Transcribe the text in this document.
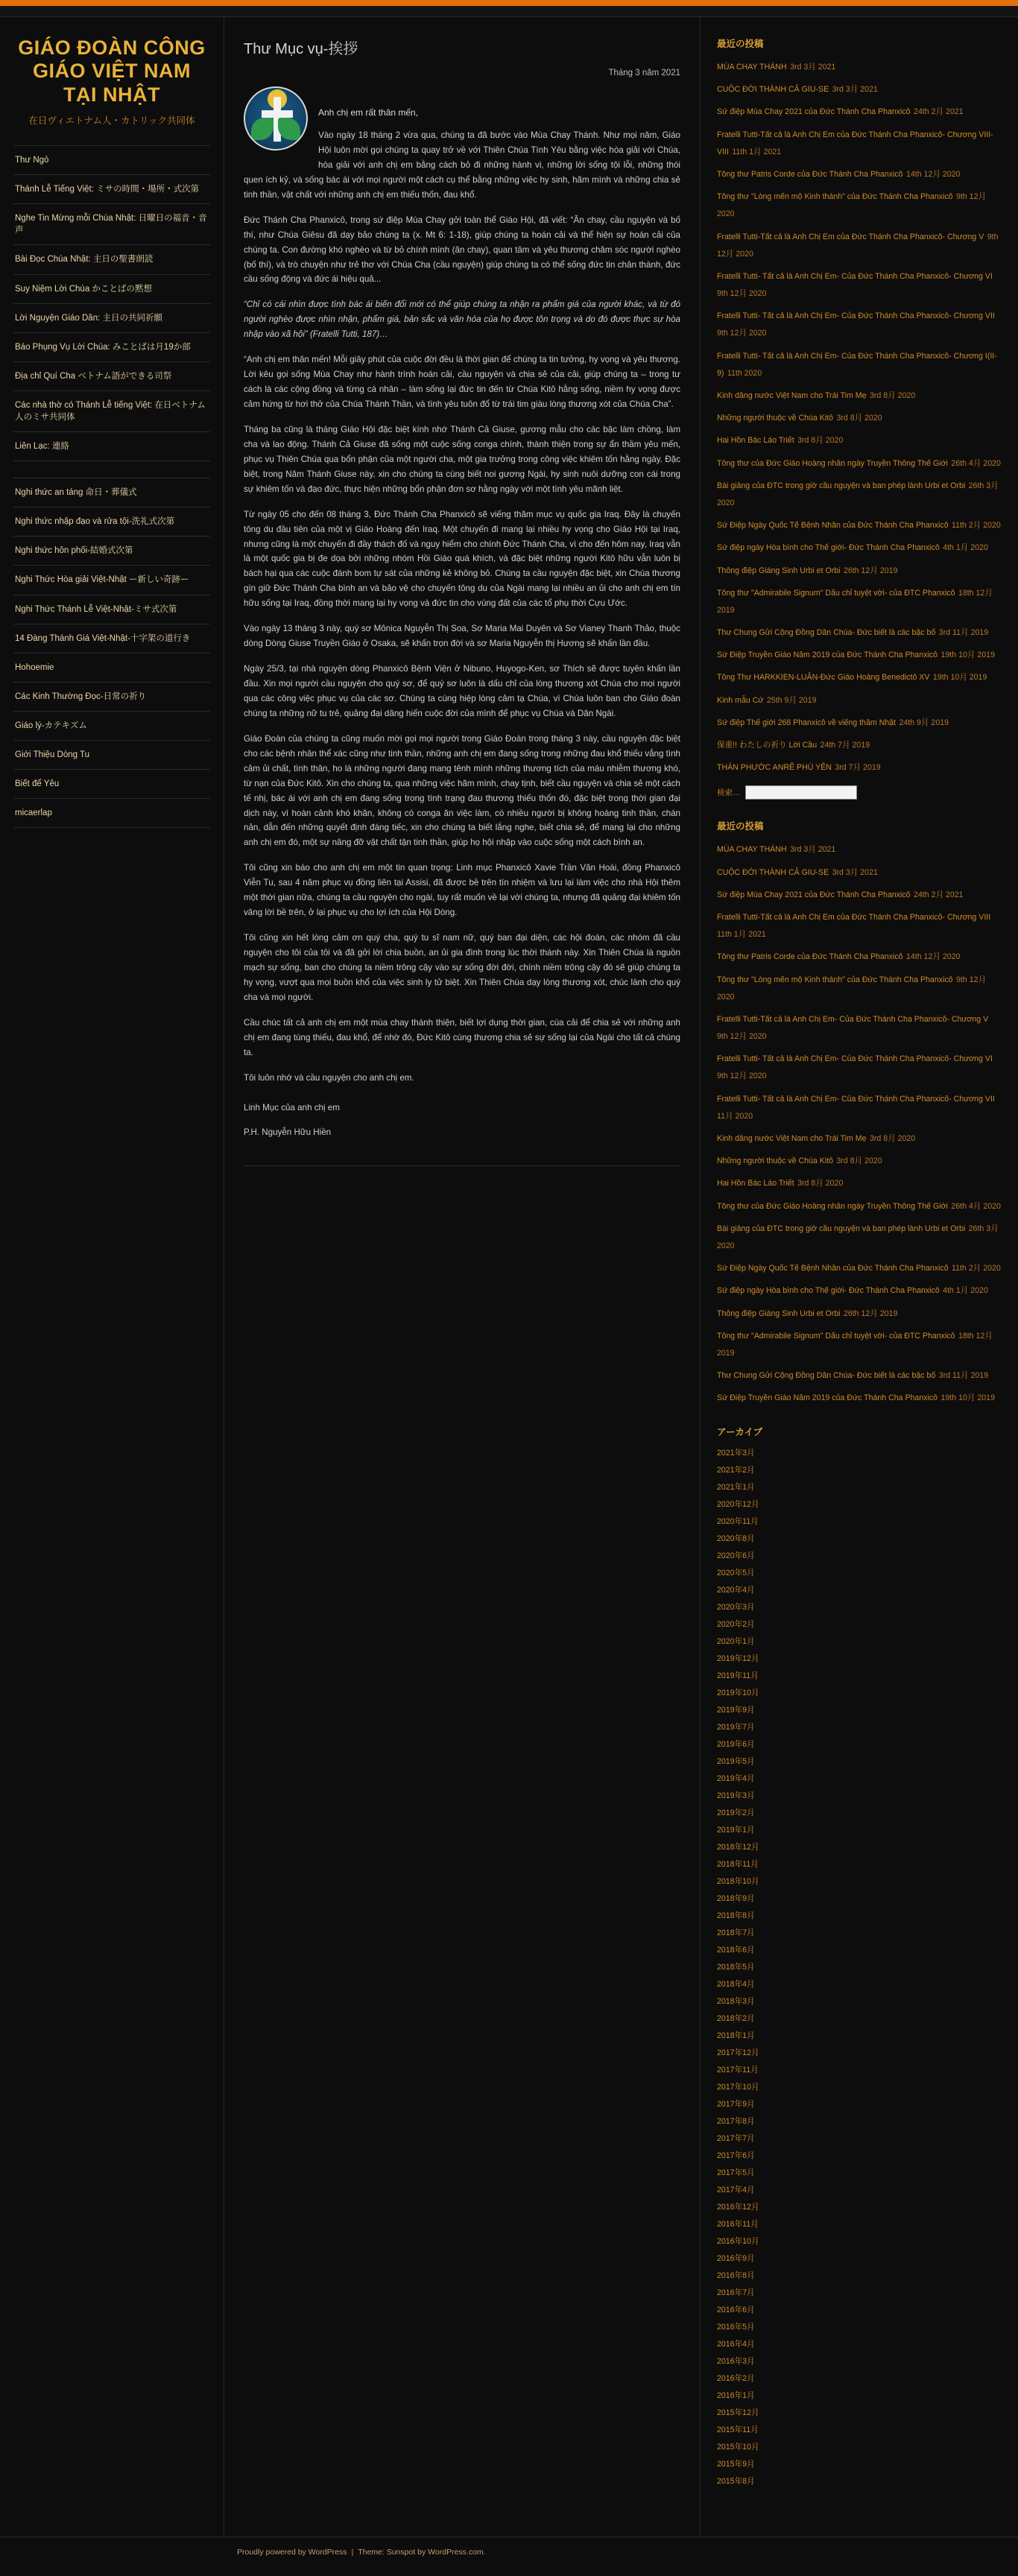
GIÁO ĐOÀN CÔNG GIÁO VIỆT NAM TẠI NHẬT
在日ヴィエトナム人・カトリック共同体
Thư Ngỏ
Thánh Lễ Tiếng Việt: ミサの時間・場所・式次第
Nghe Tin Mừng mỗi Chúa Nhật: 日曜日の福音・音声
Bài Đọc Chúa Nhật: 主日の聖書朗読
Suy Niệm Lời Chúa かことばの黙想
Lời Nguyện Giáo Dân: 主日の共同祈願
Báo Phụng Vụ Lời Chúa: みことばは月19か部
Địa chỉ Quí Cha ベトナム語ができる司祭
Các nhà thờ có Thánh Lễ tiếng Việt: 在日ベトナム人のミサ共同体
Liên Lạc: 連絡
Nghi thức an táng 命日・葬儀式
Nghi thức nhập đạo và rửa tội-洗礼式次第
Nghi thức hôn phối-結婚式次第
Nghi Thức Hòa giải Việt-Nhật ー新しい奇跡ー
Nghi Thức Thánh Lễ Việt-Nhật-ミサ式次第
14 Đàng Thánh Giá Việt-Nhật-十字架の道行き
Hohoemie
Các Kinh Thường Đọc-日常の祈り
Giáo lý-カテキズム
Giới Thiệu Dòng Tu
Biết để Yêu
micaerlap
Thư Mục vụ-挨拶
Tháng 3 năm 2021
Anh chị em rất thân mến,

Vào ngày 18 tháng 2 vừa qua, chúng ta đã bước vào Mùa Chay Thánh. Như mọi năm, Giáo Hội luôn mời gọi chúng ta quay trở về với Thiên Chúa Tình Yêu bằng việc hòa giải với Chúa, hòa giải với anh chị em bằng cách bỏ đi những hành vi, những lời sống tội lỗi, những thói quen ích kỷ, và sống bác ái với mọi người một cách cụ thể bằng những việc hy sinh, hãm mình và những chia sẻ tinh thần, vật chất với những anh chị em thiếu thốn, đau khổ.

Đức Thánh Cha Phanxicô, trong sứ điệp Mùa Chay gởi toàn thể Giáo Hội, đã viết: “Ăn chay, cầu nguyện và bố thí, như Chúa Giêsu đã dạy bảo chúng ta (x. Mt 6: 1-18), giúp chúng ta hoán cải và thể hiện sự hoán cải của chúng ta. Con đường khó nghèo và từ bỏ chính mình (ăn chay), quan tâm và yêu thương chăm sóc người nghèo (bố thí), và trò chuyện như trẻ thơ với Chúa Cha (cầu nguyện) giúp chúng ta có thể sống đức tin chân thành, đức cầu sống động và đức ái hiệu quả...

“Chỉ có cái nhìn được tình bác ái biến đổi mới có thể giúp chúng ta nhận ra phẩm giá của người khác, và từ đó người nghèo được nhìn nhận, phẩm giá, bản sắc và văn hóa của họ được tôn trọng và do đó được thực sự hòa nhập vào xã hội” (Fratelli Tutti, 187)…

“Anh chị em thân mến! Mỗi giây phút của cuộc đời đều là thời gian để chúng ta tin tưởng, hy vọng và yêu thương. Lời kêu gọi sống Mùa Chay như hành trình hoán cải, cầu nguyện và chia sẻ của cải, giúp chúng ta – trong tư cách là các cộng đồng và từng cá nhân – làm sống lại đức tin đến từ Chúa Kitô hằng sống, niềm hy vọng được cảm hứng từ hơi thở của Chúa Thánh Thần, và tình yêu tuôn đổ từ trái tim giàu lòng thương xót của Chúa Cha”.

Tháng ba cũng là tháng Giáo Hội đặc biệt kính nhớ Thánh Cả Giuse, gương mẫu cho các bậc làm chồng, làm cha và lao động. Thánh Cả Giuse đã sống một cuộc sống conga chính, thành thiện trong sự ẩn thầm yêu mến, phục vụ Thiên Chúa qua bổn phận của một người cha, một gia trưởng trong công việc khiêm tốn hằng ngày. Đặc biệt, trong Năm Thánh Giuse này, xin cho chúng ta cùng biết noi gương Ngài, hy sinh nuôi dưỡng con cái trong sự khiêm tốn và đạo đức, thực hiện những bổn phận đơn sơ hằng ngày với một tình yêu mãnh liệt.

Từ ngày 05 cho đến 08 tháng 3, Đức Thánh Cha Phanxicô sẽ viếng thăm mục vụ quốc gia Iraq. Đây là chuyến tông du đầu tiên của một vị Giáo Hoàng đến Iraq. Một chuyến đi mang lại nhiều hy vọng cho Giáo Hội tại Iraq, nhưng cũng là một chuyến đi đầy thách đố và nguy hiểm cho chính Đức Thánh Cha, vì cho đến hôm nay, Iraq vẫn là một quốc gia bị đe dọa bởi những nhóm Hồi Giáo quá khích, và đặc biệt những người Kitô hữu vẫn luôn bị bách hại qua các cuộc đánh bom tự sát của những kẻ không bỏ. Chúng ta cầu nguyện đặc biệt, xin Chúa thương gìn giữ Đức Thánh Cha bình an và bảo vệ cho chuyến tông du của Ngài mang lại nhiều an ủi cho anh chị em tín hữu sống tại Iraq, đồng thời mang lại hy vọng và đức tin cho vùng đất của các tổ phụ thời Cựu Ước.

Vào ngày 13 tháng 3 này, quý sơ Mônica Nguyễn Thị Soa, Sơ Maria Mai Duyên và Sơ Vianey Thanh Thảo, thuộc dòng Dòng Giuse Truyền Giáo ở Osaka, sẽ khấn trọn đời và sơ Maria Nguyễn thị Hương sẽ khấn lần đầu.

Ngày 25/3, tại nhà nguyện dòng Phanxicô Bệnh Viện ở Nibuno, Huyogo-Ken, sơ Thích sẽ được tuyên khấn lần đầu. Xin mọi người cầu nguyện cho quý sơ, để quý sơ luôn là dấu chỉ của lòng thương xót Chúa cho mọi người qua các công việc phục vụ của các sơ. Chúng ta cùng hiệp lòng cảm tạ Chúa, vì Chúa luôn ban cho Giáo đoàn chúng ta những nữ tu trẻ, quảng đại dâng hiến cuộc đời của mình để phục vụ Chúa và Dân Ngài.

Giáo Đoàn của chúng ta cũng muốn mời gọi mọi người trong Giáo Đoàn trong tháng 3 này, cầu nguyện đặc biệt cho các bệnh nhân thể xác cũng như tinh thần, những anh chị em đang sống trong những đau khổ thiếu vắng tình cảm ủi chất, tình thân, ho là những người đang mang tênh mình những thương tích của máu nhiễm thương khó, từ nạn của Đức Kitô. Xin cho chúng ta, qua những việc hãm mình, chay tịnh, biết cầu nguyện và chia sẻ một cách tế nhị, bác ái với anh chị em đang sống trong tình trạng đau thương thiếu thốn đó, đặc biệt trong thời gian đại dịch này, vì hoàn cảnh khó khăn, không có conga ăn việc làm, có nhiều người bị không hoàng tinh thần, chán nản, dẫn đến những quyết định đáng tiếc, xin cho chúng ta biết lắng nghe, biết chia sẻ, để mang lại cho những anh chị em đó, một sự nâng đỡ vật chất tận tinh thần, giúp họ hội nhập vào cuộc sống một cách bình an.

Tôi cũng xin báo cho anh chị em một tin quan trọng: Linh mục Phanxicô Xavie Trần Văn Hoài, đồng Phanxicô Viễn Tu, sau 4 năm phục vụ đồng liên tại Assisi, đã được bề trên tín nhiệm và lưu lại làm việc cho nhà Hội thêm một thời gian nữa, chúng ta cầu nguyện cho ngài, tuy rất muốn về lại với chúng ta, nhưng đã quảng đại khiêm tốn vâng lời bề trên, ở lại phục vụ cho lợi ích của Hội Dòng.

Tôi cũng xin hết lòng cảm ơn quý cha, quý tu sĩ nam nữ, quý ban đại diện, các hội đoàn, các nhóm đã cầu nguyện cho tôi của tôi và đã gởi lời chia buồn, an ủi gia đình trong lúc thời thánh này. Xin Thiên Chúa là nguồn mạch sự sống, ban cho chúng ta niềm trông cậy vào sự sống đời đời, chính niềm trông cậy đó sẽ giúp chúng ta hy vọng, vượt qua mọi buồn khổ của việc sinh ly tử biệt. Xin Thiên Chúa dạy lòng thương xót, chúc lành cho quý cha và mọi người.

Cầu chúc tất cả anh chị em một mùa chay thánh thiện, biết lợi dụng thời gian, cùa cải để chia sẻ với những anh chị em đang túng thiếu, đau khổ, để nhờ đó, Đức Kitô cùng thương chia sẻ sự sống lại của Ngài cho tất cả chúng ta.

Tôi luôn nhớ và cầu nguyện cho anh chị em.

Linh Mục của anh chị em

P.H. Nguyễn Hữu Hiền

最近の投稿
MÙA CHAY THÁNH 3rd 3月 2021
CUỘC ĐỜI THÀNH CẢ GIU-SE 3rd 3月 2021
Sứ điệp Mùa Chay 2021 của Đức Thánh Cha Phanxicô 24th 2月 2021
Fratelli Tutti-Tất cả là Anh Chị Em của Đức Thánh Cha Phanxicô- Chương VIII-VIII 11th 1月 2021
Tông thư Patris Corde của Đức Thánh Cha Phanxicô 14th 12月 2020
Tông thư "Lòng mến mộ Kinh thánh" của Đức Thánh Cha Phanxicô 9th 12月 2020
Fratelli Tutti-Tất cả là Anh Chị Em của Đức Thánh Cha Phanxicô- Chương V 9th 12月 2020
Fratelli Tutti- Tất cả là Anh Chị Em- Của Đức Thánh Cha Phanxicô- Chương VI 9th 12月 2020
Fratelli Tutti- Tất cả là Anh Chị Em- Của Đức Thánh Cha Phanxicô- Chương VII 9th 12月 2020
Fratelli Tutti- Tất cả là Anh Chị Em- Của Đức Thánh Cha Phanxicô- Chương I(II-9) 11th 2020
Kinh dâng nước Việt Nam cho Trái Tim Mẹ 3rd 8月 2020
Những người thuộc về Chúa Kitô 3rd 8月 2020
Hai Hồn Bác Láo Triết 3rd 8月 2020
Tông thư của Đức Giáo Hoàng nhân ngày Truyền Thông Thế Giới 26th 4月 2020
Bài giảng của ĐTC trong giờ cầu nguyện và ban phép lành Urbi et Orbi 26th 3月 2020
Sứ Điệp Ngày Quốc Tế Bệnh Nhân của Đức Thánh Cha Phanxicô 11th 2月 2020
Sứ điệp ngày Hòa bình cho Thế giới- Đức Thánh Cha Phanxicô 4th 1月 2020
Thông điệp Giáng Sinh Urbi et Orbi 26th 12月 2019
Tông thư "Admirabile Signum" Dấu chỉ tuyệt vời- của ĐTC Phanxicô 18th 12月 2019
Thư Chung Gửi Cộng Đồng Dân Chúa- Đức biết là các bậc bố 3rd 11月 2019
Sứ Điệp Truyền Giáo Năm 2019 của Đức Thánh Cha Phanxicô 19th 10月 2019
Tông Thư HARKKIEN-LUÂN-Đức Giáo Hoàng Benedictô XV 19th 10月 2019
Kinh mẫu Cứ 25th 9月 2019
Sứ điệp Thế giới 268 Phanxicô về viếng thăm Nhật 24th 9月 2019
保重!! わたしの祈り Lời Cầu 24th 7月 2019
THÁN PHƯỚC ANRÊ PHÚ YÊN 3rd 7月 2019
検索…
最近の投稿
MÙA CHAY THÁNH 3rd 3月 2021
CUỘC ĐỜI THÀNH CẢ GIU-SE 3rd 3月 2021
Sứ điệp Mùa Chay 2021 của Đức Thánh Cha Phanxicô 24th 2月 2021
Fratelli Tutti-Tất cả là Anh Chị Em của Đức Thánh Cha Phanxicô- Chương VIII 11th 1月 2021
Tông thư Patris Corde của Đức Thánh Cha Phanxicô 14th 12月 2020
Tông thư "Lòng mến mộ Kinh thánh" của Đức Thánh Cha Phanxicô 9th 12月 2020
Fratelli Tutti-Tất cả là Anh Chị Em- Của Đức Thánh Cha Phanxicô- Chương V 9th 12月 2020
Fratelli Tutti- Tất cả là Anh Chị Em- Của Đức Thánh Cha Phanxicô- Chương VI 9th 12月 2020
Fratelli Tutti- Tất cả là Anh Chị Em- Của Đức Thánh Cha Phanxicô- Chương VII 11月 2020
Kinh dâng nước Việt Nam cho Trái Tim Mẹ 3rd 8月 2020
Những người thuộc về Chúa Kitô 3rd 8月 2020
Hai Hồn Bác Láo Triết 3rd 8月 2020
Tông thư của Đức Giáo Hoàng nhân ngày Truyền Thông Thế Giới 26th 4月 2020
Bài giảng của ĐTC trong giờ cầu nguyện và ban phép lành Urbi et Orbi 26th 3月 2020
Sứ Điệp Ngày Quốc Tế Bệnh Nhân của Đức Thánh Cha Phanxicô 11th 2月 2020
Sứ điệp ngày Hòa bình cho Thế giới- Đức Thánh Cha Phanxicô 4th 1月 2020
Thông điệp Giáng Sinh Urbi et Orbi 26th 12月 2019
Tông thư "Admirabile Signum" Dấu chỉ tuyệt vời- của ĐTC Phanxicô 18th 12月 2019
Thư Chung Gửi Cộng Đồng Dân Chúa- Đức biết là các bậc bố 3rd 11月 2019
Sứ Điệp Truyền Giáo Năm 2019 của Đức Thánh Cha Phanxicô 19th 10月 2019
アーカイブ
2021年3月
2021年2月
2021年1月
2020年12月
2020年11月
2020年8月
2020年6月
2020年5月
2020年4月
2020年3月
2020年2月
2020年1月
2019年12月
2019年11月
2019年10月
2019年9月
2019年7月
2019年6月
2019年5月
2019年4月
2019年3月
2019年2月
2019年1月
2018年12月
2018年11月
2018年10月
2018年9月
2018年8月
2018年7月
2018年6月
2018年5月
2018年4月
2018年3月
2018年2月
2018年1月
2017年12月
2017年11月
2017年10月
2017年9月
2017年8月
2017年7月
2017年6月
2017年5月
2017年4月
2016年12月
2016年11月
2016年10月
2016年9月
2016年8月
2016年7月
2016年6月
2016年5月
2016年4月
2016年3月
2016年2月
2016年1月
2015年12月
2015年11月
2015年10月
2015年9月
2015年8月
Proudly powered by WordPress | Theme: Sunspot by WordPress.com.
